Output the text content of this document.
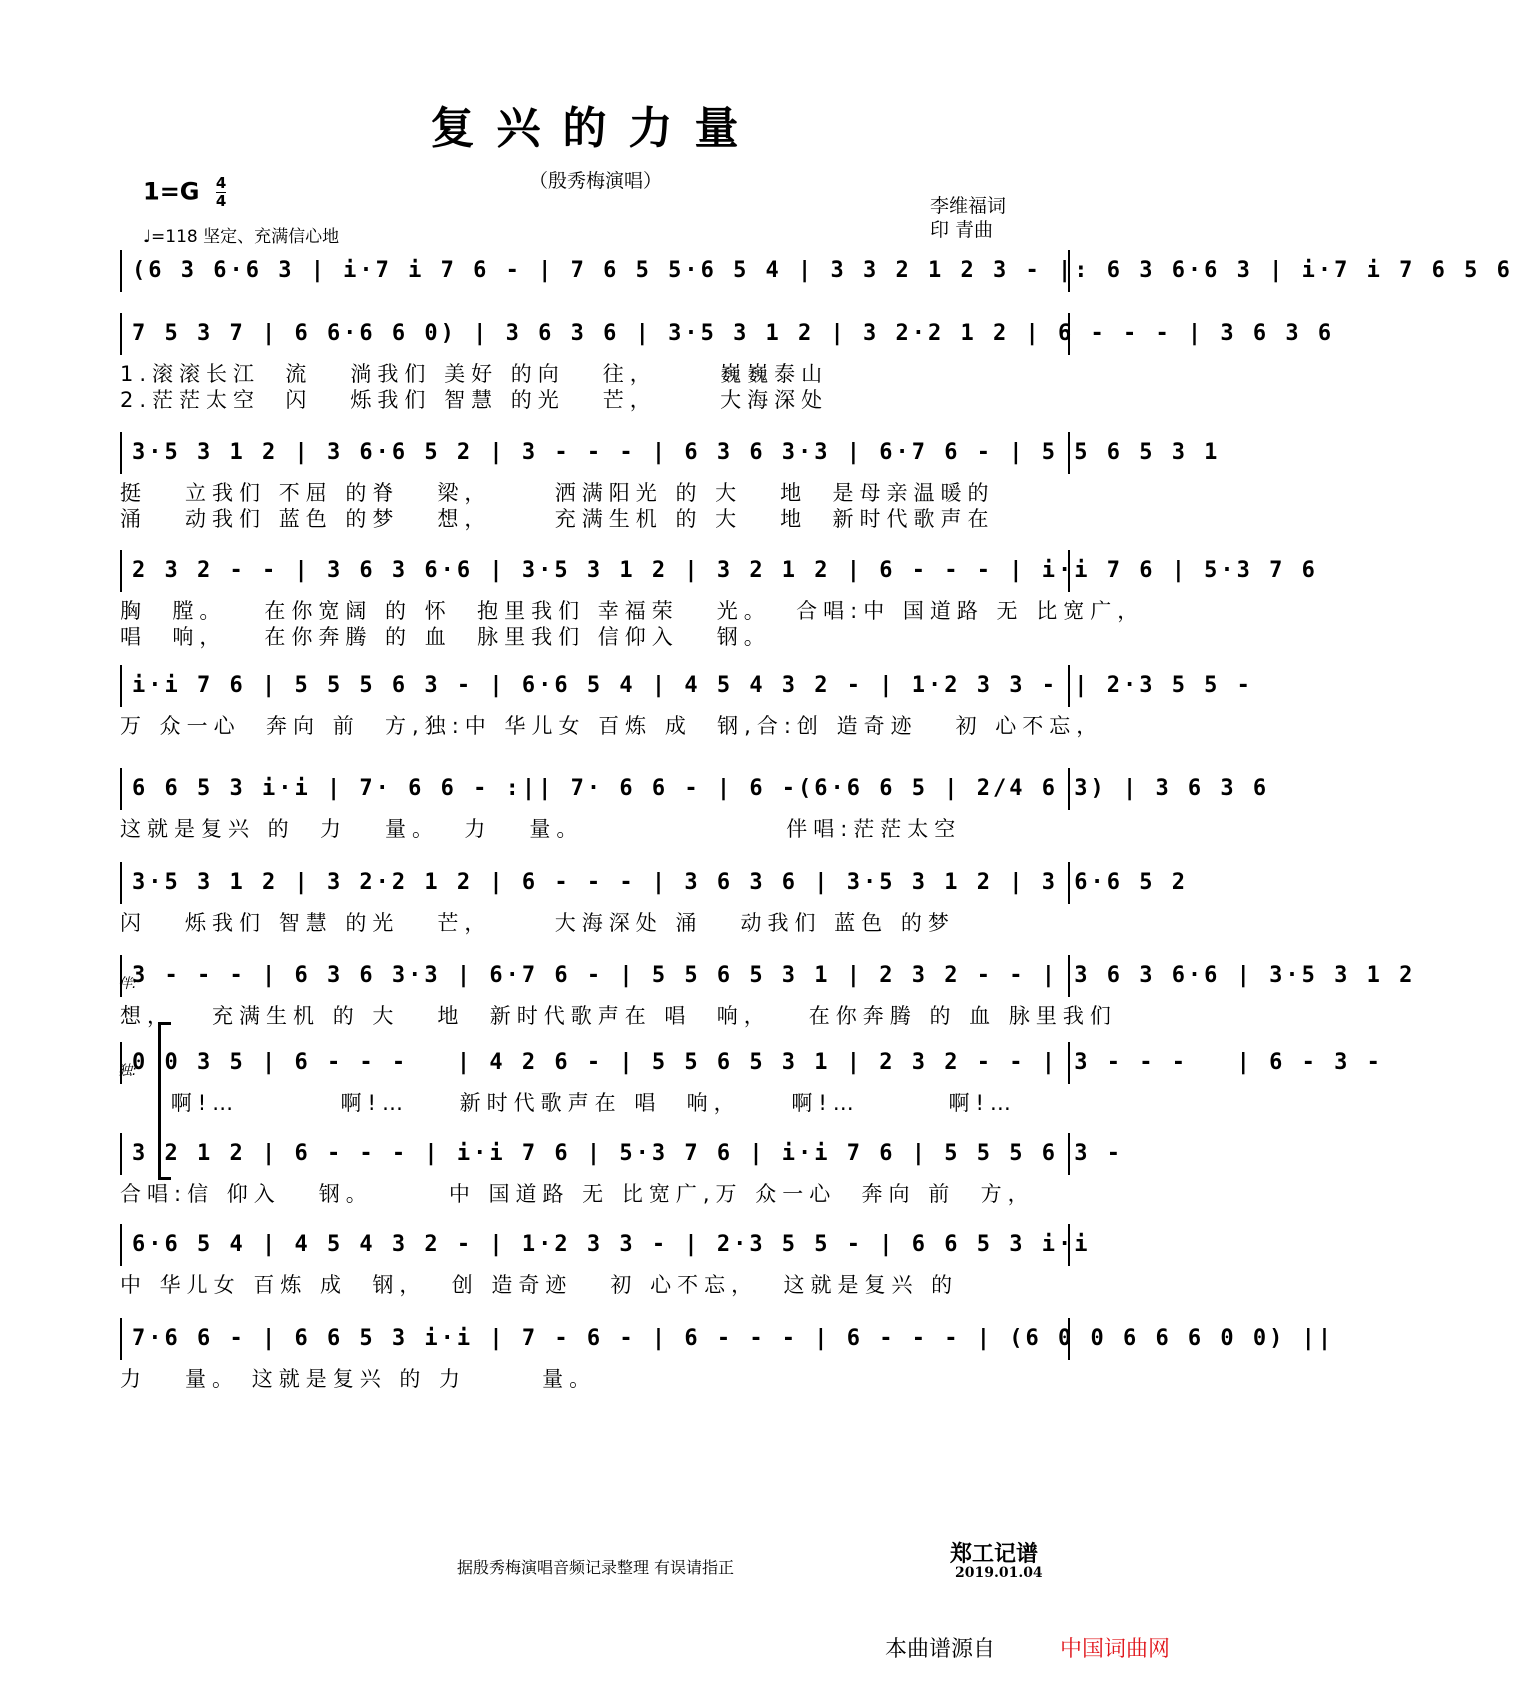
复兴的力量
（殷秀梅演唱）
$1=G \frac{4}{4}$
♩=118 坚定、充满信心地
李维福词
印 青曲
(6 3 6·6 3 | i·7 i 7 6 - | 7 6 5 5·6 5 4 | 3 3 2 1 2 3 - |: 6 3 6·6 3 | i·7 i 7 6 5 6
7 5 3 7 | 6 6·6 6 0) | 3 6 3 6 | 3·5 3 1 2 | 3 2·2 1 2 | 6 - - - | 3 6 3 6
1.滚滚长江  流   淌我们 美好 的向   往，     巍巍泰山
2.茫茫太空  闪   烁我们 智慧 的光   芒，     大海深处
3·5 3 1 2 | 3 6·6 5 2 | 3 - - - | 6 3 6 3·3 | 6·7 6 - | 5 5 6 5 3 1
挺   立我们 不屈 的脊   梁，     洒满阳光 的 大   地  是母亲温暖的
涌   动我们 蓝色 的梦   想，     充满生机 的 大   地  新时代歌声在
2 3 2 - - | 3 6 3 6·6 | 3·5 3 1 2 | 3 2 1 2 | 6 - - - | i·i 7 6 | 5·3 7 6
胸  膛。   在你宽阔 的 怀  抱里我们 幸福荣   光。  合唱:中 国道路 无 比宽广，
唱  响，   在你奔腾 的 血  脉里我们 信仰入   钢。
i·i 7 6 | 5 5 5 6 3 - | 6·6 5 4 | 4 5 4 3 2 - | 1·2 3 3 - | 2·3 5 5 -
万 众一心  奔向 前  方,独:中 华儿女 百炼 成  钢,合:创 造奇迹   初 心不忘，
6 6 5 3 i·i | 7· 6 6 - :|| 7· 6 6 - | 6 -(6·6 6 5 | 2/4 6 3) | 3 6 3 6
这就是复兴 的  力   量。  力   量。                伴唱:茫茫太空
3·5 3 1 2 | 3 2·2 1 2 | 6 - - - | 3 6 3 6 | 3·5 3 1 2 | 3 6·6 5 2
闪   烁我们 智慧 的光   芒，     大海深处 涌   动我们 蓝色 的梦
3 - - - | 6 3 6 3·3 | 6·7 6 - | 5 5 6 5 3 1 | 2 3 2 - - | 3 6 3 6·6 | 3·5 3 1 2
想，   充满生机 的 大   地  新时代歌声在 唱  响，   在你奔腾 的 血 脉里我们
0 0 3 5 | 6 - - -   | 4 2 6 - | 5 5 6 5 3 1 | 2 3 2 - - | 3 - - -   | 6 - 3 -
啊!…        啊!…    新时代歌声在 唱  响，    啊!…       啊!…
3 2 1 2 | 6 - - - | i·i 7 6 | 5·3 7 6 | i·i 7 6 | 5 5 5 6 3 -
合唱:信 仰入   钢。      中 国道路 无 比宽广,万 众一心  奔向 前  方，
6·6 5 4 | 4 5 4 3 2 - | 1·2 3 3 - | 2·3 5 5 - | 6 6 5 3 i·i
中 华儿女 百炼 成  钢，  创 造奇迹   初 心不忘，  这就是复兴 的
7·6 6 - | 6 6 5 3 i·i | 7 - 6 - | 6 - - - | 6 - - - | (6 0 0 6 6 6 0 0) ||
力   量。 这就是复兴 的 力      量。
伴:
独:
据殷秀梅演唱音频记录整理 有误请指正
郑工记谱
2019.01.04
本曲谱源自	中国词曲网
